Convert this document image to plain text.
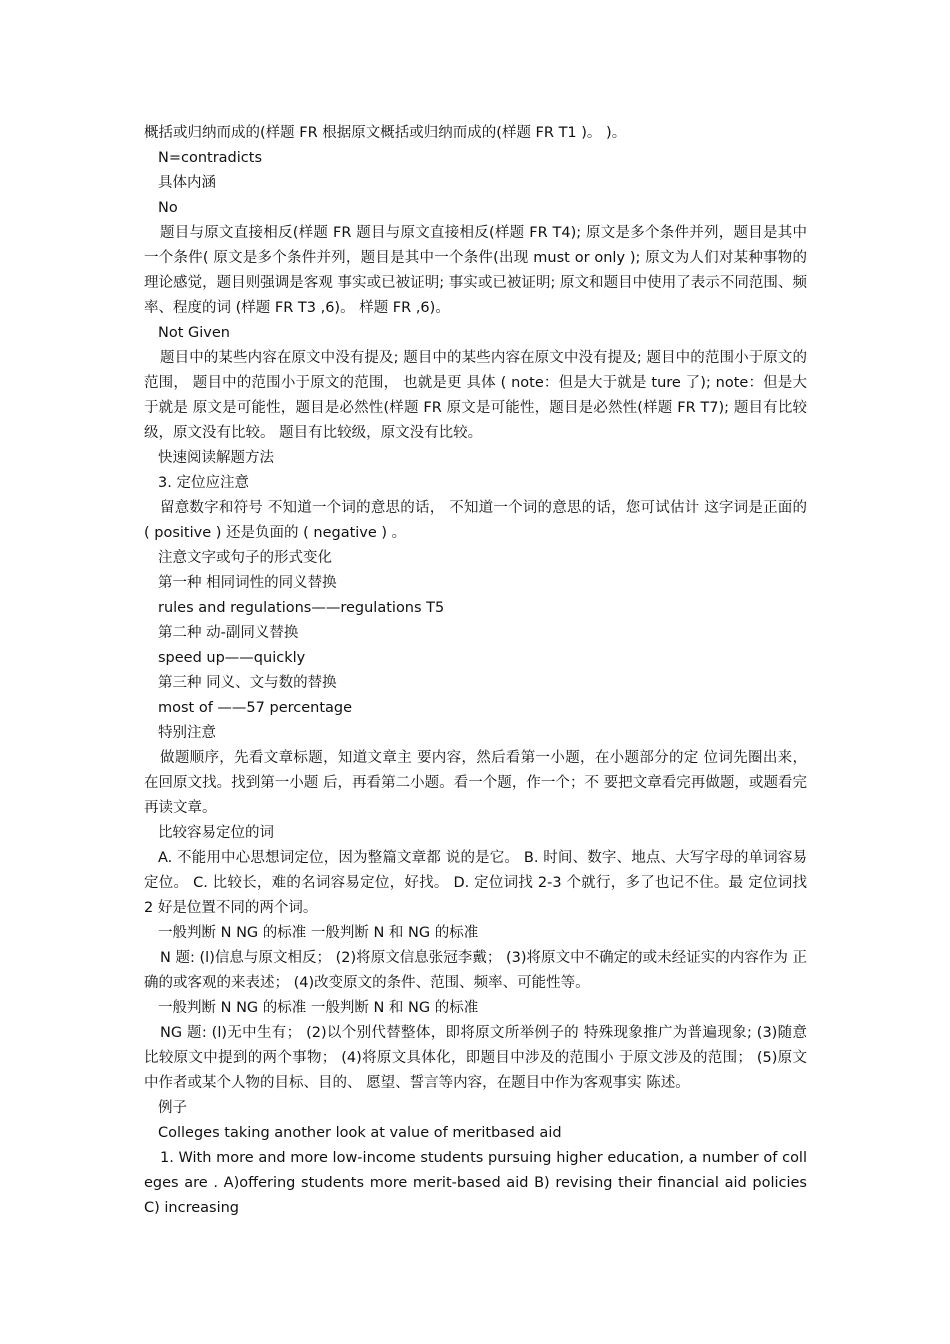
概括或归纳而成的(样题 FR 根据原文概括或归纳而成的(样题 FR T1 )。 )。

N=contradicts

具体内涵

No

题目与原文直接相反(样题 FR 题目与原文直接相反(样题 FR T4); 原文是多个条件并列，题目是其中一个条件( 原文是多个条件并列，题目是其中一个条件(出现 must or only ); 原文为人们对某种事物的理论感觉，题目则强调是客观 事实或已被证明; 事实或已被证明; 原文和题目中使用了表示不同范围、频率、程度的词 (样题 FR T3 ,6)。 样题 FR ,6)。

Not Given

题目中的某些内容在原文中没有提及; 题目中的某些内容在原文中没有提及; 题目中的范围小于原文的范围， 题目中的范围小于原文的范围， 也就是更 具体 ( note：但是大于就是 ture 了); note：但是大于就是 原文是可能性，题目是必然性(样题 FR 原文是可能性，题目是必然性(样题 FR T7); 题目有比较级，原文没有比较。 题目有比较级，原文没有比较。

快速阅读解题方法

3. 定位应注意

留意数字和符号 不知道一个词的意思的话， 不知道一个词的意思的话，您可试估计 这字词是正面的 ( positive ) 还是负面的 ( negative ) 。

注意文字或句子的形式变化

第一种 相同词性的同义替换

rules and regulations——regulations T5

第二种 动-副同义替换

speed up——quickly

第三种 同义、文与数的替换

most of ——57 percentage

特别注意

做题顺序，先看文章标题，知道文章主 要内容，然后看第一小题，在小题部分的定 位词先圈出来，在回原文找。找到第一小题 后，再看第二小题。看一个题，作一个；不 要把文章看完再做题，或题看完再读文章。

比较容易定位的词

A. 不能用中心思想词定位，因为整篇文章都 说的是它。 B. 时间、数字、地点、大写字母的单词容易 定位。 C. 比较长，难的名词容易定位，好找。 D. 定位词找 2-3 个就行，多了也记不住。最 定位词找 2 好是位置不同的两个词。

一般判断 N NG 的标准 一般判断 N 和 NG 的标准

N 题: (l)信息与原文相反； (2)将原文信息张冠李戴； (3)将原文中不确定的或未经证实的内容作为 正确的或客观的来表述； (4)改变原文的条件、范围、频率、可能性等。

一般判断 N NG 的标准 一般判断 N 和 NG 的标准

NG 题: (l)无中生有； (2)以个别代替整体，即将原文所举例子的 特殊现象推广为普遍现象; (3)随意比较原文中提到的两个事物； (4)将原文具体化，即题目中涉及的范围小 于原文涉及的范围； (5)原文中作者或某个人物的目标、目的、 愿望、誓言等内容，在题目中作为客观事实 陈述。

例子

Colleges taking another look at value of meritbased aid

1. With more and more low-income students pursuing higher education, a number of colleges are . A)offering students more merit-based aid B) revising their financial aid policies C) increasing
